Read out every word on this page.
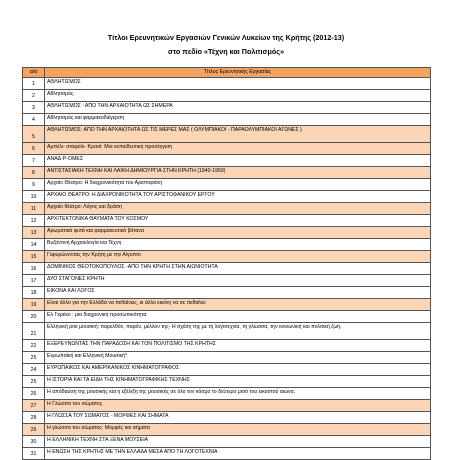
Τίτλοι Ερευνητικών Εργασιών Γενικών Λυκείων της Κρήτης (2012-13)
στο πεδίο «Τέχνη και Πολιτισμός»
α/α	Τίτλος Ερευνητικής Εργασίας
1	ΑΘΛΗΤΙΣΜΟΣ
2	Αθλητισμός
3	ΑΘΛΗΤΙΣΜΟΣ : ΑΠΟ ΤΗΝ ΑΡΧΑΙΟΤΗΤΑ ΩΣ ΣΗΜΕΡΑ
4	Αθλητισμός και φαρμακοδιέγερση
5	ΑΘΛΗΤΙΣΜΟΣ: ΑΠΟ ΤΗΝ ΑΡΧΑΙΟΤΗΤΑ ΩΣ ΤΙΣ ΜΕΡΕΣ ΜΑΣ ( ΟΛΥΜΠΙΑΚΟΙ - ΠΑΡΑΟΛΥΜΠΙΑΚΟΙ ΑΓΩΝΕΣ )
6	Αμπέλι- σταφύλι- Κρασί: Μια εκπαιδευτική προσέγγιση
7	ΑΝΑΔ-Ρ-ΟΜΕΣ
8	ΑΝΤΙΣΤΑΣΙΑΚΗ ΤΕΧΝΗ ΚΑΙ ΛΑΙΚΗ ΔΗΜΙΟΥΡΓΙΑ ΣΤΗΝ ΚΡΗΤΗ (1940-1950)
9	Αρχαίο Θέατρο: Η διαχρονικότητα του Αριστοφάνη
10	ΑΡΧΑΙΟ ΘΕΑΤΡΟ: Η ΔΙΑΧΡΟΝΙΚΟΤΗΤΑ ΤΟΥ ΑΡΙΣΤΟΦΑΝΙΚΟΥ ΕΡΓΟΥ
11	Αρχαίο θέατρο: Λόγος και δράση
12	ΑΡΧΙΤΕΚΤΟΝΙΚΑ ΘΑΥΜΑΤΑ ΤΟΥ ΚΟΣΜΟΥ
13	Αρωματικά φυτά και φαρμακευτικά βότανα
14	Βυζαντινή Αρχαιολογία και Τέχνη
15	Γεφυρώνοντας την Κρήτη με την Αίγυπτο
16	ΔΟΜΙΝΙΚΟΣ ΘΕΟΤΟΚΟΠΟΥΛΟΣ -ΑΠΟ ΤΗΝ ΚΡΗΤΗ ΣΤΗΝ ΑΙΩΝΙΟΤΗΤΑ
17	ΔΥΟ ΣΤΑΓΟΝΕΣ ΚΡΗΤΗ
18	ΕΙΚΟΝΑ ΚΑΙ ΛΟΓΟΣ
19	Είναι άλλο για την Ελλάδα να πεθαίνεις, κι άλλο εκείνη να σε πεθαίνει
20	Ελ Γκρέκο : μια διαχρονική προσωπικότητα
21	Ελληνική ροκ μουσική: παρελθόν, παρόν, μέλλον της- Η σχέση της με τη λογοτεχνία, τη γλώσσα, την κοινωνική και πολιτική ζωή.
22	ΕΞΕΡΕΥΝΩΝΤΑΣ ΤΗΝ ΠΑΡΑΔΟΣΗ ΚΑΙ ΤΟΝ ΠΟΛΙΤΙΣΜΟ ΤΗΣ ΚΡΗΤΗΣ
25	Ευρωπαϊκή και Ελληνική Μουσική*
24	ΕΥΡΩΠΑΙΚΟΣ ΚΑΙ ΑΜΕΡΙΚΑΝΙΚΟΣ ΚΙΝΗΜΑΤΟΓΡΑΦΟΣ
25	Η ΙΣΤΟΡΙΑ ΚΑΙ ΤΑ ΕΙΔΗ ΤΗΣ ΚΙΝΗΜΑΤΟΓΡΑΦΙΚΗΣ ΤΕΧΝΗΣ
26	Η απόδαυση της μουσικής και η εξέλιξη της μουσικής σε όλο τον κόσμο το δεύτερο μισό του εικοστού αιώνα.
27	Η Γλώσσα του σώματος
28	Η ΓΛΩΣΣΑ ΤΟΥ ΣΩΜΑΤΟΣ - ΜΟΡΦΕΣ ΚΑΙ ΣΗΜΑΤΑ
29	Η γλώσσα του σώματος: Μορφές και σήματα
30	Η ΕΛΛΗΝΙΚΗ ΤΕΧΝΗ ΣΤΑ ΞΕΝΑ ΜΟΥΣΕΙΑ
31	Η ΕΝΩΣΗ ΤΗΣ ΚΡΗΤΗΣ ΜΕ ΤΗΝ ΕΛΛΑΔΑ ΜΕΣΑ ΑΠΟ ΤΗ ΛΟΓΟΤΕΧΝΙΑ
